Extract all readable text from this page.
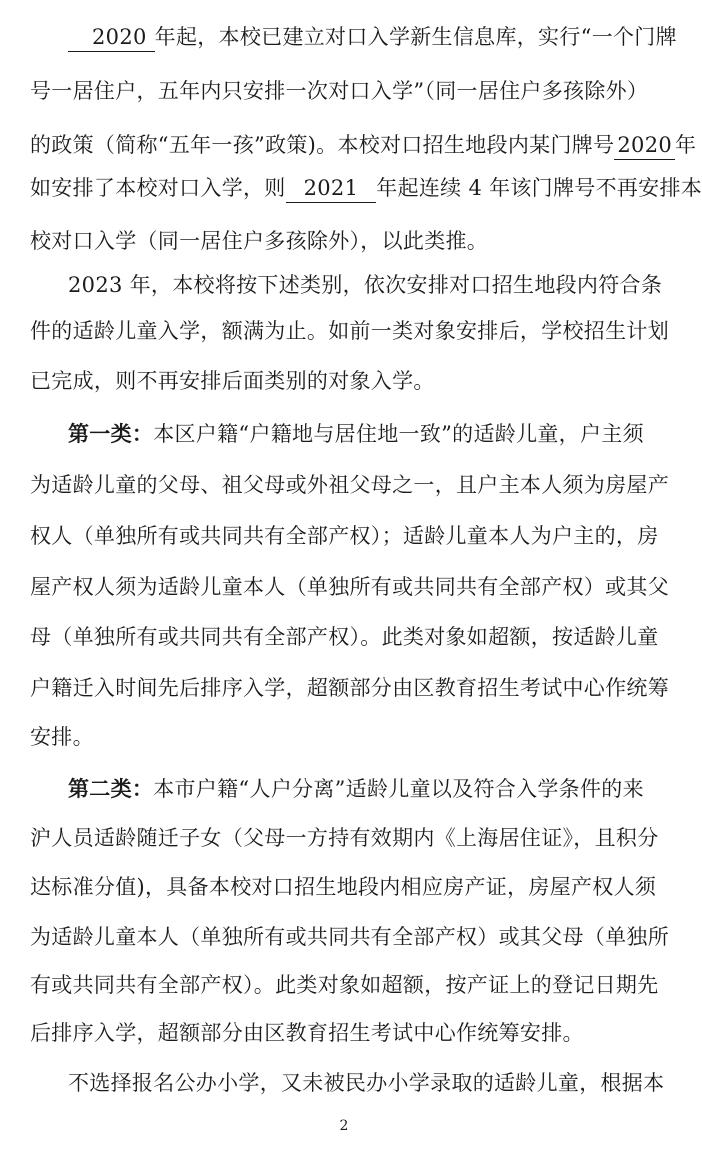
2020 年起，本校已建立对口入学新生信息库，实行“一个门牌
号一居住户，五年内只安排一次对口入学”（同一居住户多孩除外）
的政策（简称“五年一孩”政策)。本校对口招生地段内某门牌号 2020 年
如安排了本校对口入学，则 2021 年起连续 4 年该门牌号不再安排本
校对口入学（同一居住户多孩除外），以此类推。
2023 年，本校将按下述类别，依次安排对口招生地段内符合条
件的适龄儿童入学，额满为止。如前一类对象安排后，学校招生计划
已完成，则不再安排后面类别的对象入学。
第一类：本区户籍“户籍地与居住地一致”的适龄儿童，户主须
为适龄儿童的父母、祖父母或外祖父母之一，且户主本人须为房屋产
权人（单独所有或共同共有全部产权）；适龄儿童本人为户主的，房
屋产权人须为适龄儿童本人（单独所有或共同共有全部产权）或其父
母（单独所有或共同共有全部产权）。此类对象如超额，按适龄儿童
户籍迁入时间先后排序入学，超额部分由区教育招生考试中心作统筹
安排。
第二类：本市户籍“人户分离”适龄儿童以及符合入学条件的来
沪人员适龄随迁子女（父母一方持有效期内《上海居住证》，且积分
达标准分值)，具备本校对口招生地段内相应房产证，房屋产权人须
为适龄儿童本人（单独所有或共同共有全部产权）或其父母（单独所
有或共同共有全部产权）。此类对象如超额，按产证上的登记日期先
后排序入学，超额部分由区教育招生考试中心作统筹安排。
不选择报名公办小学，又未被民办小学录取的适龄儿童，根据本
2
